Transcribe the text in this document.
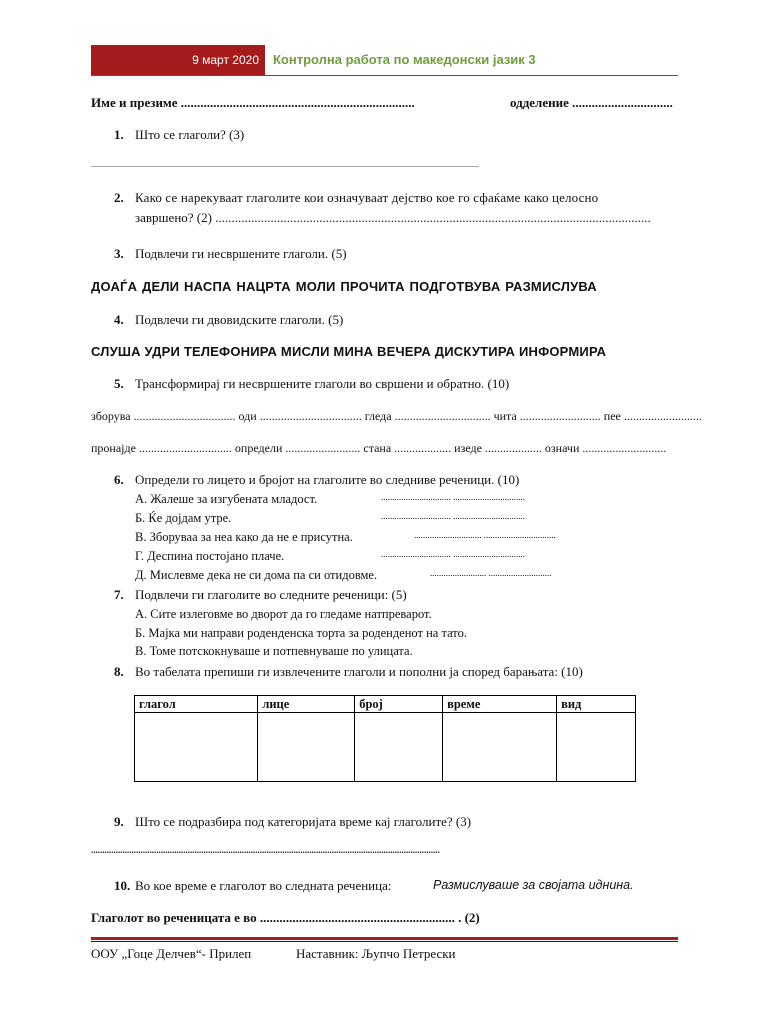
9 март 2020	Контролна работа по македонски јазик 3
Име и презиме ........................................................................	одделение ...............................
1. Што се глаголи? (3)
..................................................................................................................................................................................................
2. Како се нарекуваат глаголите кои означуваат дејство кое го сфаќаме како целосно
завршено? (2) ......................................................................................................................................
3. Подвлечи ги несвршените глаголи. (5)
ДОАЃА ДЕЛИ НАСПА НАЦРТА МОЛИ ПРОЧИТА ПОДГОТВУВА РАЗМИСЛУВА
4. Подвлечи ги двовидските глаголи. (5)
СЛУША УДРИ ТЕЛЕФОНИРА МИСЛИ МИНА ВЕЧЕРА ДИСКУТИРА ИНФОРМИРА
5. Трансформирај ги несвршените глаголи во свршени и обратно. (10)
зборува .................................. оди .................................. гледа ................................ чита ........................... пее ..........................
пронајде ............................... определи ......................... стана ................... изеде ................... означи ............................
6. Определи го лицето и бројот на глаголите во следниве реченици. (10)
А. Жалеше за изгубената младост.	............................... ................................
Б. Ќе дојдам утре.	............................... ................................
В. Зборуваа за неа како да не е присутна.	.............................. ................................
Г. Деспина постојано плаче.	............................... ................................
Д. Мислевме дека не си дома па си отидовме.	......................... ............................
7. Подвлечи ги глаголите во следните реченици: (5)
А. Сите излеговме во дворот да го гледаме натпреварот.
Б. Мајка ми направи роденденска торта за роденденот на тато.
В. Томе потскокнуваше и потпевнуваше по улицата.
8. Во табелата препиши ги извлечените глаголи и пополни ја според барањата: (10)
глагол	лице	број	време	вид

9. Што се подразбира под категоријата време кај глаголите? (3)
...........................................................................................................................................................
10. Во кое време е глаголот во следната реченица:	Размислуваше за својата иднина.
Глаголот во реченицата е во ............................................................ . (2)
ООУ „Гоце Делчев“- Прилеп	Наставник: Љупчо Петрески
